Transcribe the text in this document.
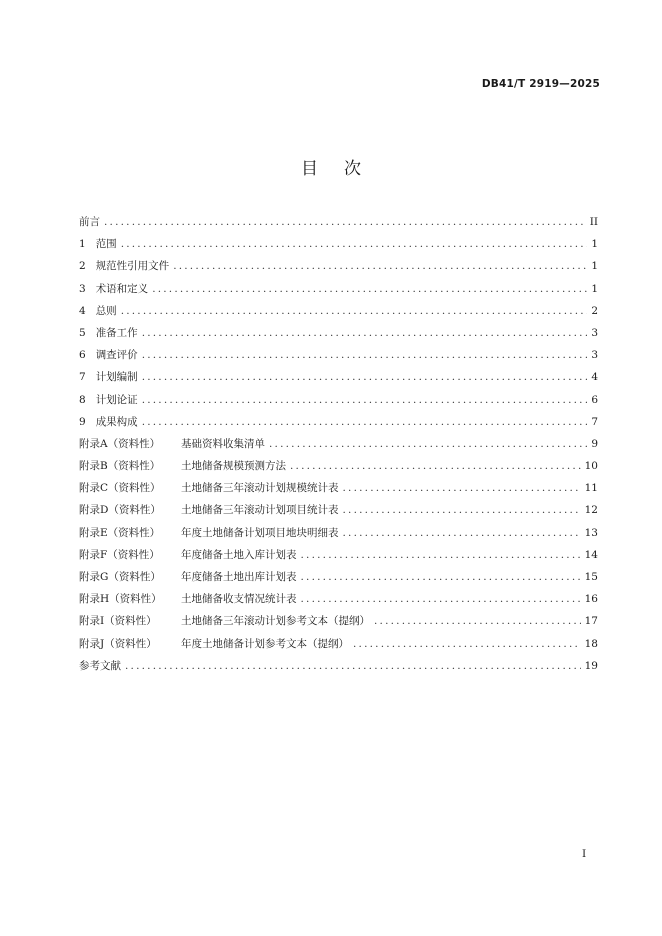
DB41/T 2919—2025
目次
前言 .....	II
1 范围 .....	1
2 规范性引用文件 .....	1
3 术语和定义 .....	1
4 总则 .....	2
5 准备工作 .....	3
6 调查评价 .....	3
7 计划编制 .....	4
8 计划论证 .....	6
9 成果构成 .....	7
附录A（资料性）	基础资料收集清单 .....	9
附录B（资料性）	土地储备规模预测方法 .....	10
附录C（资料性）	土地储备三年滚动计划规模统计表 .....	11
附录D（资料性）	土地储备三年滚动计划项目统计表 .....	12
附录E（资料性）	年度土地储备计划项目地块明细表 .....	13
附录F（资料性）	年度储备土地入库计划表 .....	14
附录G（资料性）	年度储备土地出库计划表 .....	15
附录H（资料性）	土地储备收支情况统计表 .....	16
附录I（资料性）	土地储备三年滚动计划参考文本（提纲） .....	17
附录J（资料性）	年度土地储备计划参考文本（提纲） .....	18
参考文献 .....	19
I
